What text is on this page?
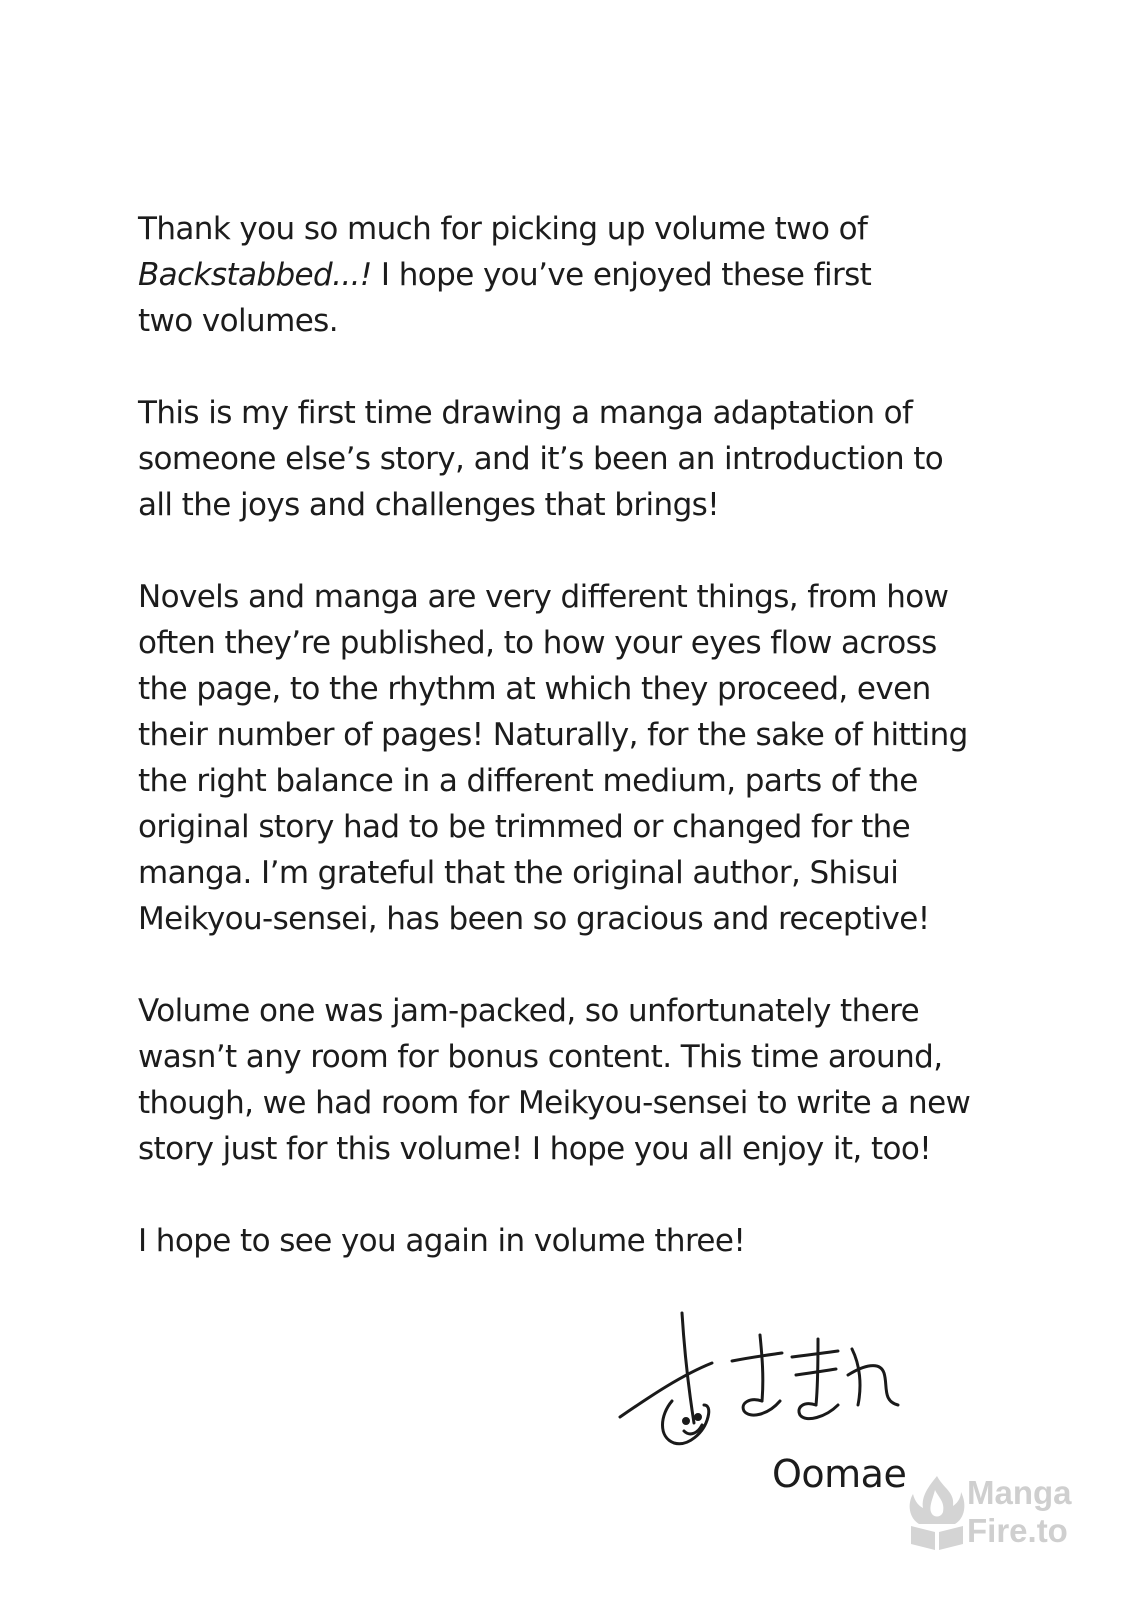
Thank you so much for picking up volume two of
Backstabbed...! I hope you’ve enjoyed these first
two volumes.

This is my first time drawing a manga adaptation of
someone else’s story, and it’s been an introduction to
all the joys and challenges that brings!

Novels and manga are very different things, from how
often they’re published, to how your eyes flow across
the page, to the rhythm at which they proceed, even
their number of pages! Naturally, for the sake of hitting
the right balance in a different medium, parts of the
original story had to be trimmed or changed for the
manga. I’m grateful that the original author, Shisui
Meikyou-sensei, has been so gracious and receptive!

Volume one was jam-packed, so unfortunately there
wasn’t any room for bonus content. This time around,
though, we had room for Meikyou-sensei to write a new
story just for this volume! I hope you all enjoy it, too!

I hope to see you again in volume three!

Oomae Manga
Fire.to
